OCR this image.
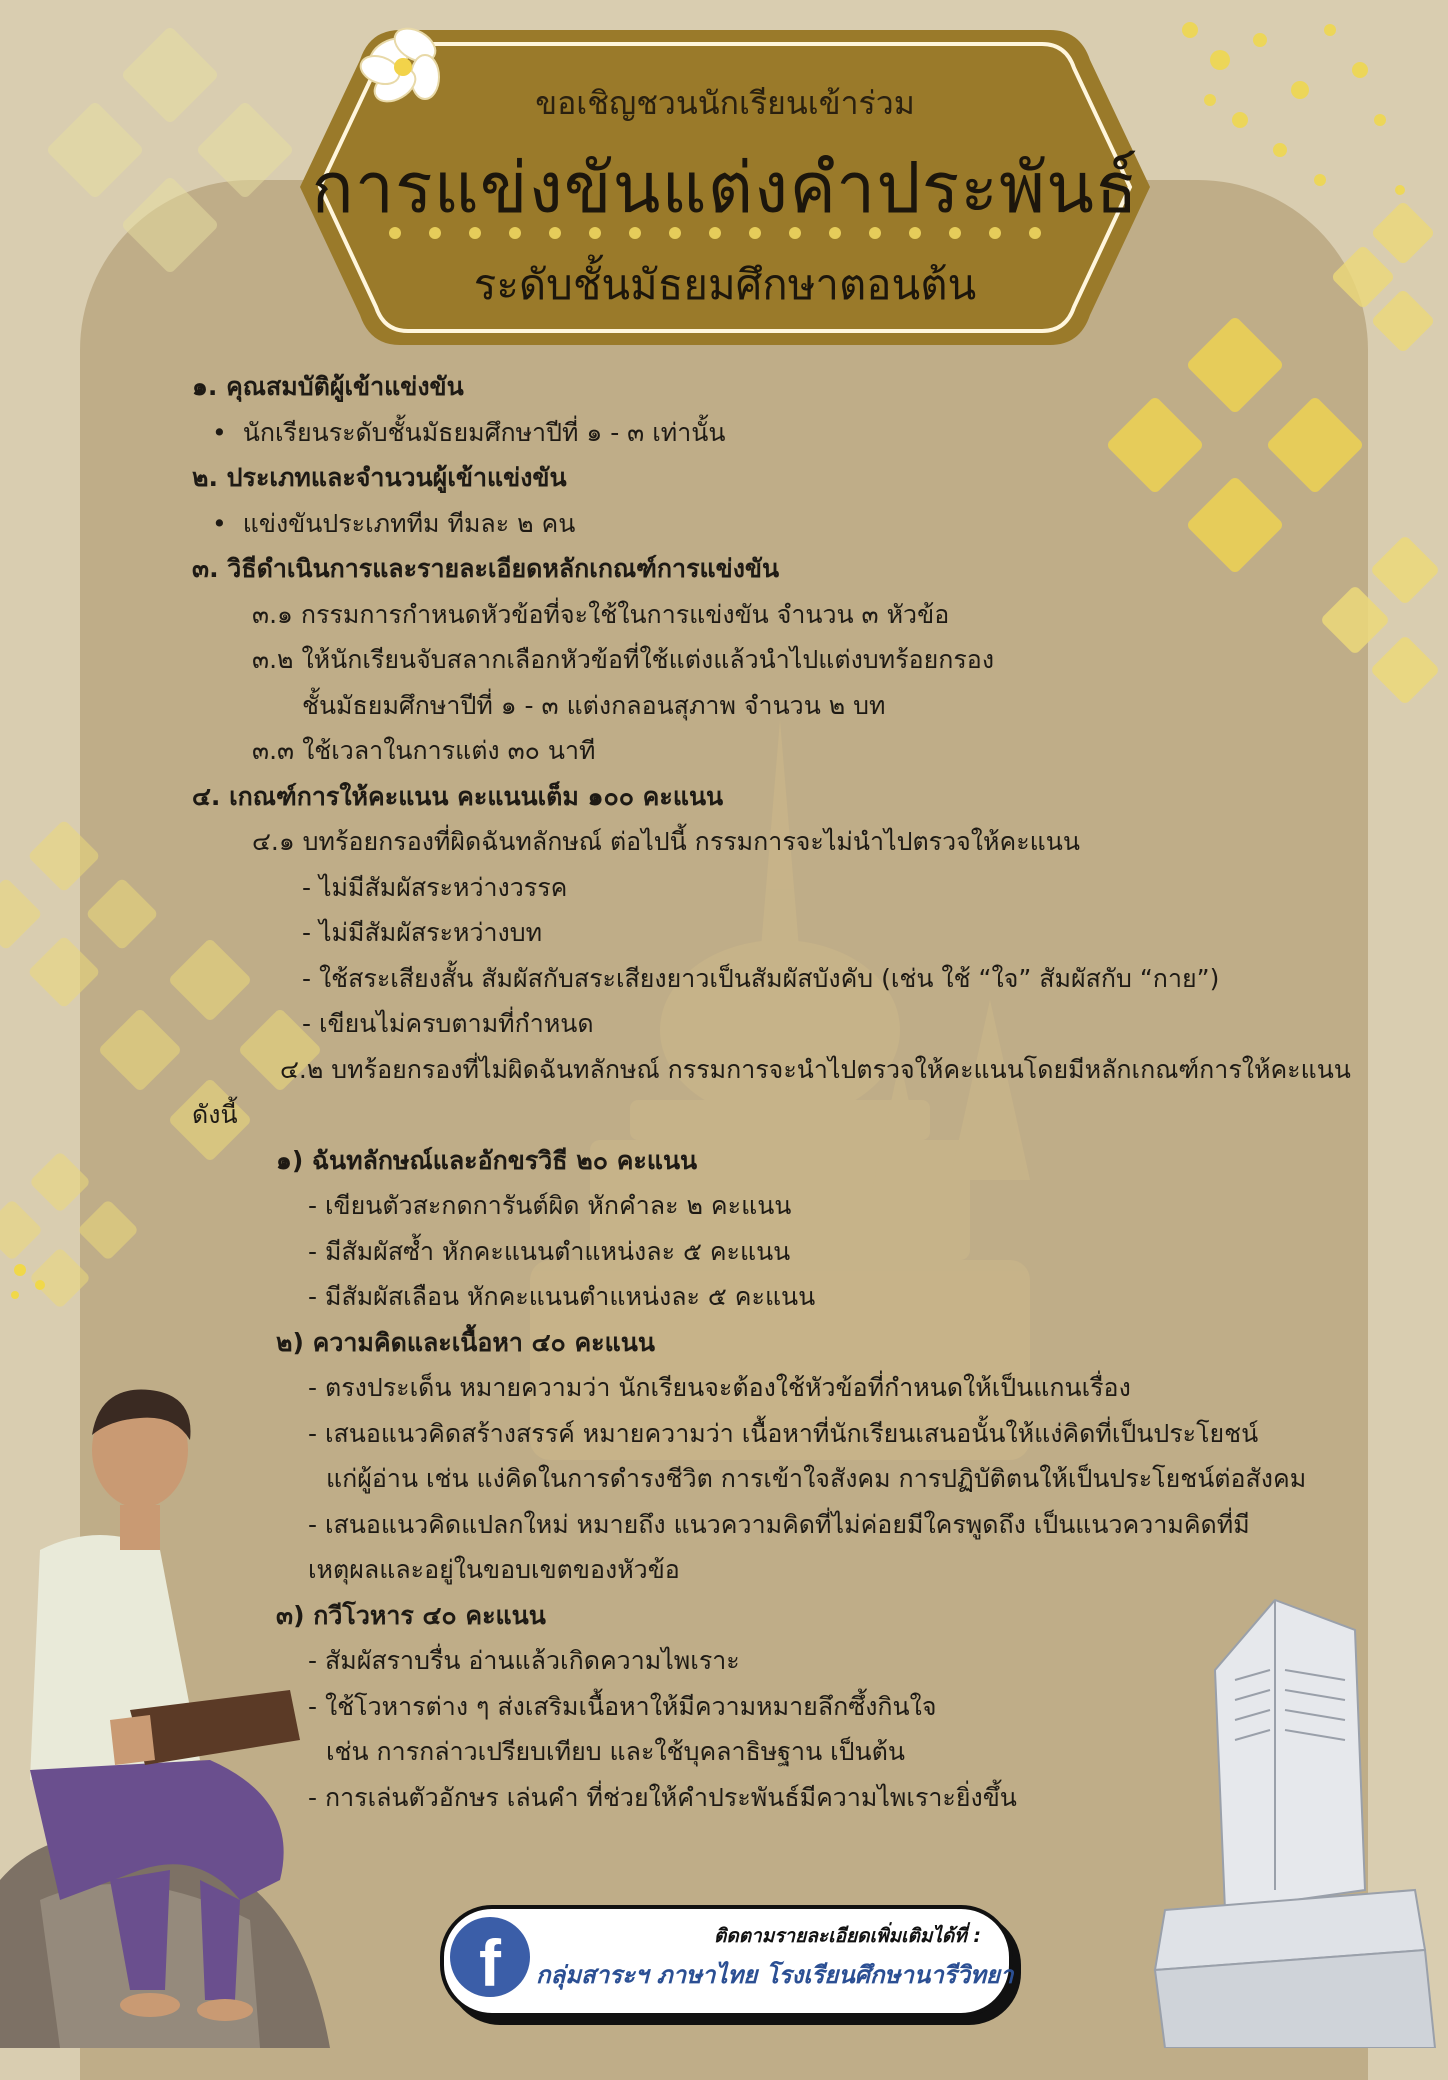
ขอเชิญชวนนักเรียนเข้าร่วม
การแข่งขันแต่งคำประพันธ์
ระดับชั้นมัธยมศึกษาตอนต้น
๑. คุณสมบัติผู้เข้าแข่งขัน
• นักเรียนระดับชั้นมัธยมศึกษาปีที่ ๑ - ๓ เท่านั้น
๒. ประเภทและจำนวนผู้เข้าแข่งขัน
• แข่งขันประเภททีม ทีมละ ๒ คน
๓. วิธีดำเนินการและรายละเอียดหลักเกณฑ์การแข่งขัน
๓.๑ กรรมการกำหนดหัวข้อที่จะใช้ในการแข่งขัน จำนวน ๓ หัวข้อ
๓.๒ ให้นักเรียนจับสลากเลือกหัวข้อที่ใช้แต่งแล้วนำไปแต่งบทร้อยกรอง
ชั้นมัธยมศึกษาปีที่ ๑ - ๓ แต่งกลอนสุภาพ จำนวน ๒ บท
๓.๓ ใช้เวลาในการแต่ง ๓๐ นาที
๔. เกณฑ์การให้คะแนน คะแนนเต็ม ๑๐๐ คะแนน
๔.๑ บทร้อยกรองที่ผิดฉันทลักษณ์ ต่อไปนี้ กรรมการจะไม่นำไปตรวจให้คะแนน
- ไม่มีสัมผัสระหว่างวรรค
- ไม่มีสัมผัสระหว่างบท
- ใช้สระเสียงสั้น สัมผัสกับสระเสียงยาวเป็นสัมผัสบังคับ (เช่น ใช้ “ใจ” สัมผัสกับ “กาย”)
- เขียนไม่ครบตามที่กำหนด
๔.๒ บทร้อยกรองที่ไม่ผิดฉันทลักษณ์ กรรมการจะนำไปตรวจให้คะแนนโดยมีหลักเกณฑ์การให้คะแนน
ดังนี้
๑) ฉันทลักษณ์และอักขรวิธี ๒๐ คะแนน
- เขียนตัวสะกดการันต์ผิด หักคำละ ๒ คะแนน
- มีสัมผัสซ้ำ หักคะแนนตำแหน่งละ ๕ คะแนน
- มีสัมผัสเลือน หักคะแนนตำแหน่งละ ๕ คะแนน
๒) ความคิดและเนื้อหา ๔๐ คะแนน
- ตรงประเด็น หมายความว่า นักเรียนจะต้องใช้หัวข้อที่กำหนดให้เป็นแกนเรื่อง
- เสนอแนวคิดสร้างสรรค์ หมายความว่า เนื้อหาที่นักเรียนเสนอนั้นให้แง่คิดที่เป็นประโยชน์
แก่ผู้อ่าน เช่น แง่คิดในการดำรงชีวิต การเข้าใจสังคม การปฏิบัติตนให้เป็นประโยชน์ต่อสังคม
- เสนอแนวคิดแปลกใหม่ หมายถึง แนวความคิดที่ไม่ค่อยมีใครพูดถึง เป็นแนวความคิดที่มี
เหตุผลและอยู่ในขอบเขตของหัวข้อ
๓) กวีโวหาร ๔๐ คะแนน
- สัมผัสราบรื่น อ่านแล้วเกิดความไพเราะ
- ใช้โวหารต่าง ๆ ส่งเสริมเนื้อหาให้มีความหมายลึกซึ้งกินใจ
เช่น การกล่าวเปรียบเทียบ และใช้บุคลาธิษฐาน เป็นต้น
- การเล่นตัวอักษร เล่นคำ ที่ช่วยให้คำประพันธ์มีความไพเราะยิ่งขึ้น
f	ติดตามรายละเอียดเพิ่มเติมได้ที่ :
กลุ่มสาระฯ ภาษาไทย โรงเรียนศึกษานารีวิทยา
